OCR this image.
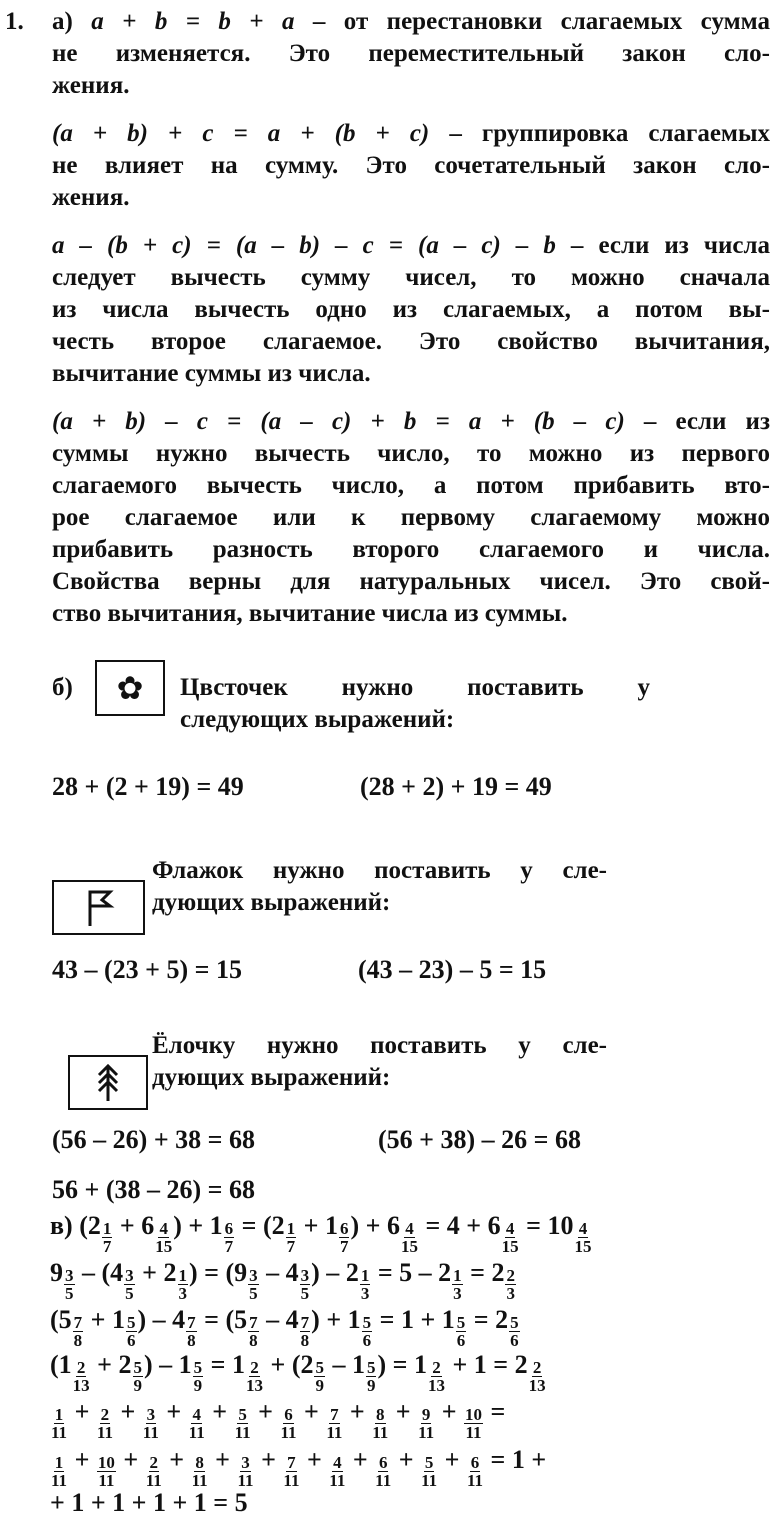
1. а) a + b = b + a – от перестановки слагаемых сумма
не изменяется. Это переместительный закон сло-
жения.
(a + b) + c = a + (b + c) – группировка слагаемых
не влияет на сумму. Это сочетательный закон сло-
жения.
a – (b + c) = (a – b) – c = (a – c) – b – если из числа
следует вычесть сумму чисел, то можно сначала
из числа вычесть одно из слагаемых, а потом вы-
честь второе слагаемое. Это свойство вычитания,
вычитание суммы из числа.
(a + b) – c = (a – c) + b = a + (b – c) – если из
суммы нужно вычесть число, то можно из первого
слагаемого вычесть число, а потом прибавить вто-
рое слагаемое или к первому слагаемому можно
прибавить разность второго слагаемого и числа.
Свойства верны для натуральных чисел. Это свой-
ство вычитания, вычитание числа из суммы.
б) ✿ Цвсточек нужно поставить у
следующих выражений:
28 + (2 + 19) = 49	(28 + 2) + 19 = 49
Флажок нужно поставить у сле-
дующих выражений:
43 – (23 + 5) = 15	(43 – 23) – 5 = 15
Ёлочку нужно поставить у сле-
дующих выражений:
(56 – 26) + 38 = 68	(56 + 38) – 26 = 68
56 + (38 – 26) = 68
в) ( $2 \frac{1}{7} + 6 \frac{4}{15}$ ) + $1 \frac{6}{7}$ = ( $2 \frac{1}{7} + 1 \frac{6}{7}$ ) + $6 \frac{4}{15} = 4 + 6 \frac{4}{15} = 10 \frac{4}{15}$
$9 \frac{3}{5}$ – ( $4 \frac{3}{5} + 2 \frac{1}{3}$ ) = ( $9 \frac{3}{5} - 4 \frac{3}{5}$ ) – $2 \frac{1}{3} = 5 - 2 \frac{1}{3} = 2 \frac{2}{3}$
( $5 \frac{7}{8} + 1 \frac{5}{6}$ ) – $4 \frac{7}{8}$ = ( $5 \frac{7}{8} - 4 \frac{7}{8}$ ) + $1 \frac{5}{6} = 1 + 1 \frac{5}{6} = 2 \frac{5}{6}$
( $1 \frac{2}{13} + 2 \frac{5}{9}$ ) – $1 \frac{5}{9} = 1 \frac{2}{13}$ + ( $2 \frac{5}{9} - 1 \frac{5}{9}$ ) = $1 \frac{2}{13} + 1 = 2 \frac{2}{13}$
$\frac{1}{11} + \frac{2}{11} + \frac{3}{11} + \frac{4}{11} + \frac{5}{11} + \frac{6}{11} + \frac{7}{11} + \frac{8}{11} + \frac{9}{11} + \frac{10}{11}$ =
$\frac{1}{11} + \frac{10}{11} + \frac{2}{11} + \frac{8}{11} + \frac{3}{11} + \frac{7}{11} + \frac{4}{11} + \frac{6}{11} + \frac{5}{11} + \frac{6}{11} = 1$ +
+ 1 + 1 + 1 + 1 = 5
